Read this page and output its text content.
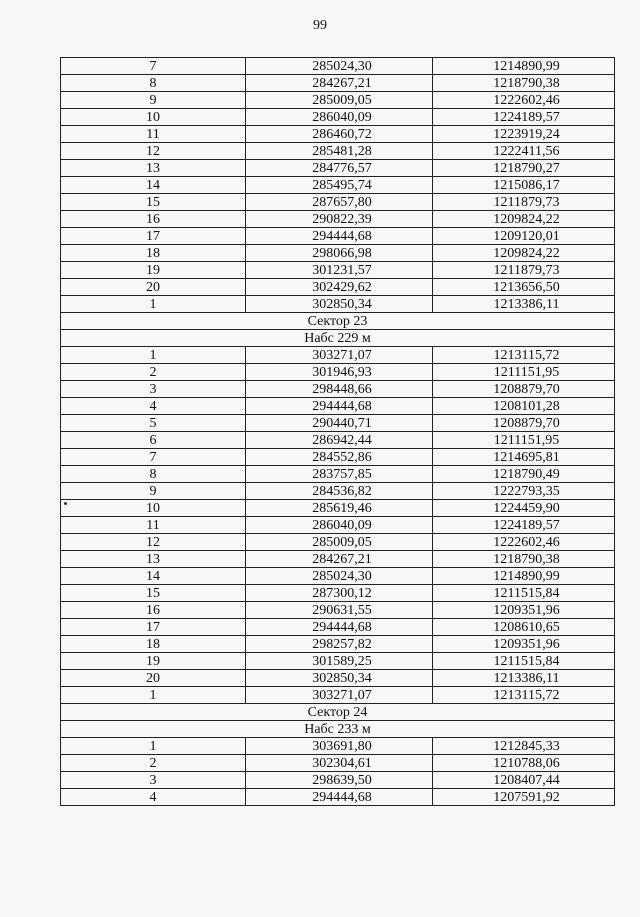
99
7	285024,30	1214890,99
8	284267,21	1218790,38
9	285009,05	1222602,46
10	286040,09	1224189,57
11	286460,72	1223919,24
12	285481,28	1222411,56
13	284776,57	1218790,27
14	285495,74	1215086,17
15	287657,80	1211879,73
16	290822,39	1209824,22
17	294444,68	1209120,01
18	298066,98	1209824,22
19	301231,57	1211879,73
20	302429,62	1213656,50
1	302850,34	1213386,11
Сектор 23		
Набс 229 м		
1	303271,07	1213115,72
2	301946,93	1211151,95
3	298448,66	1208879,70
4	294444,68	1208101,28
5	290440,71	1208879,70
6	286942,44	1211151,95
7	284552,86	1214695,81
8	283757,85	1218790,49
9	284536,82	1222793,35
10	285619,46	1224459,90
11	286040,09	1224189,57
12	285009,05	1222602,46
13	284267,21	1218790,38
14	285024,30	1214890,99
15	287300,12	1211515,84
16	290631,55	1209351,96
17	294444,68	1208610,65
18	298257,82	1209351,96
19	301589,25	1211515,84
20	302850,34	1213386,11
1	303271,07	1213115,72
Сектор 24		
Набс 233 м		
1	303691,80	1212845,33
2	302304,61	1210788,06
3	298639,50	1208407,44
4	294444,68	1207591,92
